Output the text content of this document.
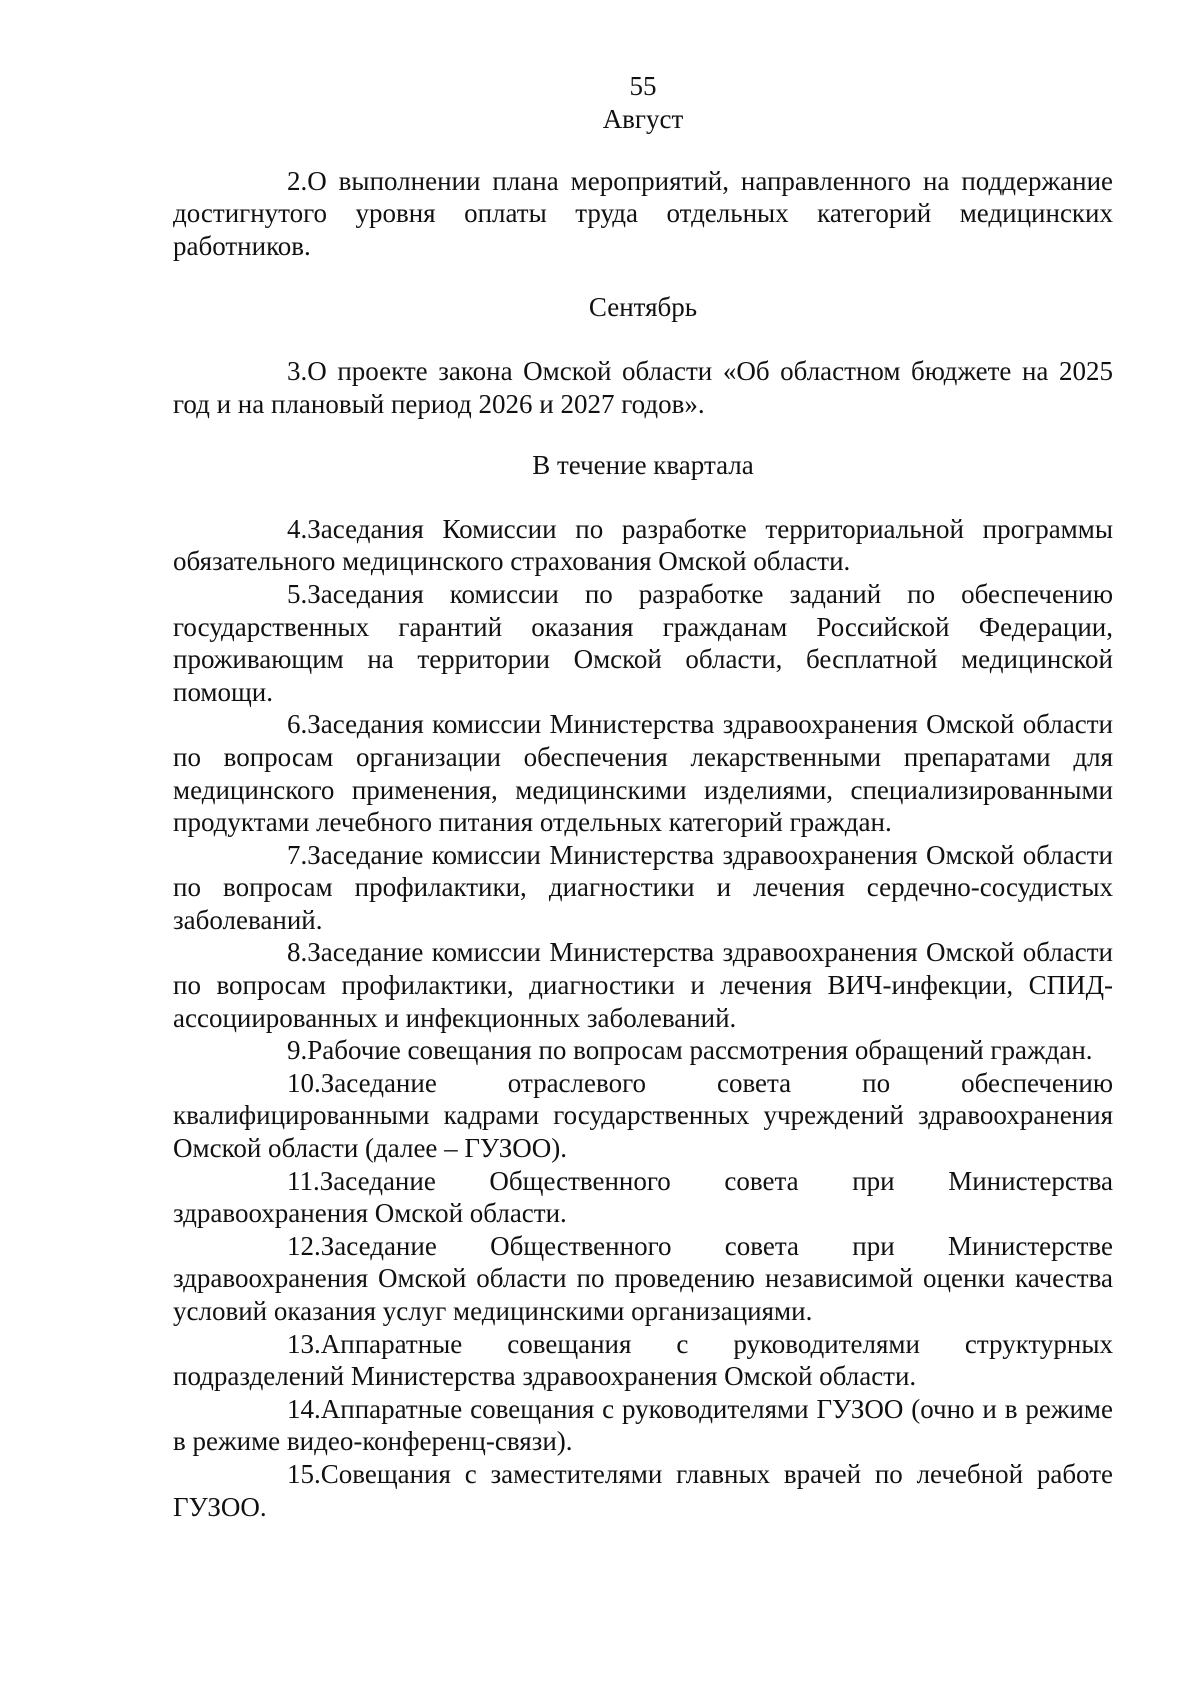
55
Август

2.О выполнении плана мероприятий, направленного на поддержание достигнутого уровня оплаты труда отдельных категорий медицинских работников.

Сентябрь

3.О проекте закона Омской области «Об областном бюджете на 2025 год и на плановый период 2026 и 2027 годов».

В течение квартала

4.Заседания Комиссии по разработке территориальной программы обязательного медицинского страхования Омской области.

5.Заседания комиссии по разработке заданий по обеспечению государственных гарантий оказания гражданам Российской Федерации, проживающим на территории Омской области, бесплатной медицинской помощи.

6.Заседания комиссии Министерства здравоохранения Омской области по вопросам организации обеспечения лекарственными препаратами для медицинского применения, медицинскими изделиями, специализированными продуктами лечебного питания отдельных категорий граждан.

7.Заседание комиссии Министерства здравоохранения Омской области по вопросам профилактики, диагностики и лечения сердечно-сосудистых заболеваний.

8.Заседание комиссии Министерства здравоохранения Омской области по вопросам профилактики, диагностики и лечения ВИЧ-инфекции, СПИД-ассоциированных и инфекционных заболеваний.

9.Рабочие совещания по вопросам рассмотрения обращений граждан.

10.Заседание отраслевого совета по обеспечению квалифицированными кадрами государственных учреждений здравоохранения Омской области (далее – ГУЗОО).

11.Заседание Общественного совета при Министерства здравоохранения Омской области.

12.Заседание Общественного совета при Министерстве здравоохранения Омской области по проведению независимой оценки качества условий оказания услуг медицинскими организациями.

13.Аппаратные совещания с руководителями структурных подразделений Министерства здравоохранения Омской области.

14.Аппаратные совещания с руководителями ГУЗОО (очно и в режиме в режиме видео-конференц-связи).

15.Совещания с заместителями главных врачей по лечебной работе ГУЗОО.
